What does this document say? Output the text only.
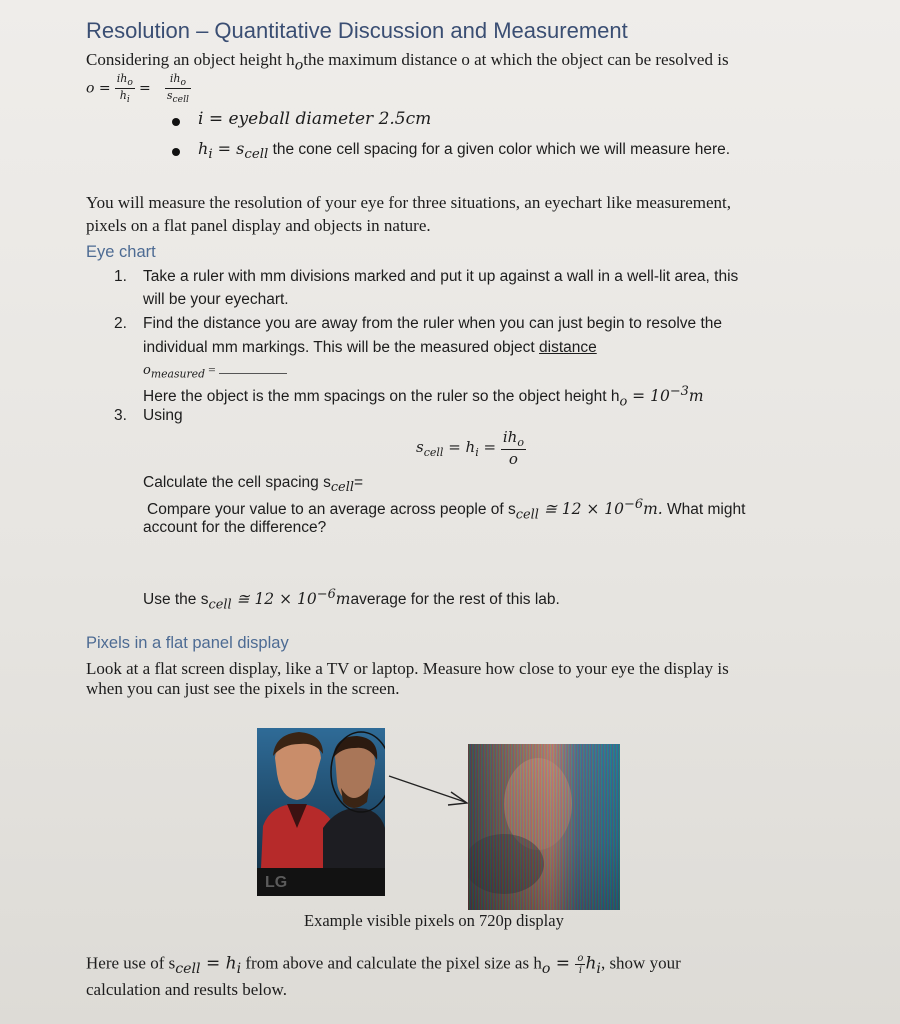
Resolution – Quantitative Discussion and Measurement
Considering an object height $h_othe$ maximum distance o at which the object can be resolved is
$o = \frac{ih_o}{h_i} = \frac{ih_o}{s_{cell}}$
i = eyeball diameter 2.5cm
$h_i = s_{cell}$ the cone cell spacing for a given color which we will measure here.
You will measure the resolution of your eye for three situations, an eyechart like measurement,
pixels on a flat panel display and objects in nature.
Eye chart
1. Take a ruler with mm divisions marked and put it up against a wall in a well-lit area, this
will be your eyechart.
2. Find the distance you are away from the ruler when you can just begin to resolve the
individual mm markings. This will be the measured object distance
$o_{measured}$ =
Here the object is the mm spacings on the ruler so the object height $h_o = 10^{-3}m$
3. Using
$s_{cell} = h_i = \frac{ih_o}{o}$
Calculate the cell spacing $s_{cell}=$
Compare your value to an average across people of $s_{cell}$ ≅ $12 \times 10^{-6}m$. What might
account for the difference?
Use the $s_{cell}$ ≅ $12 \times 10^{-6}maverage$ for the rest of this lab.
Pixels in a flat panel display
Look at a flat screen display, like a TV or laptop. Measure how close to your eye the display is
when you can just see the pixels in the screen.
LG
Example visible pixels on 720p display
Here use of $s_{cell} = h_i$ from above and calculate the pixel size as $h_o = \frac{o}{i} h_i$, show your
calculation and results below.
